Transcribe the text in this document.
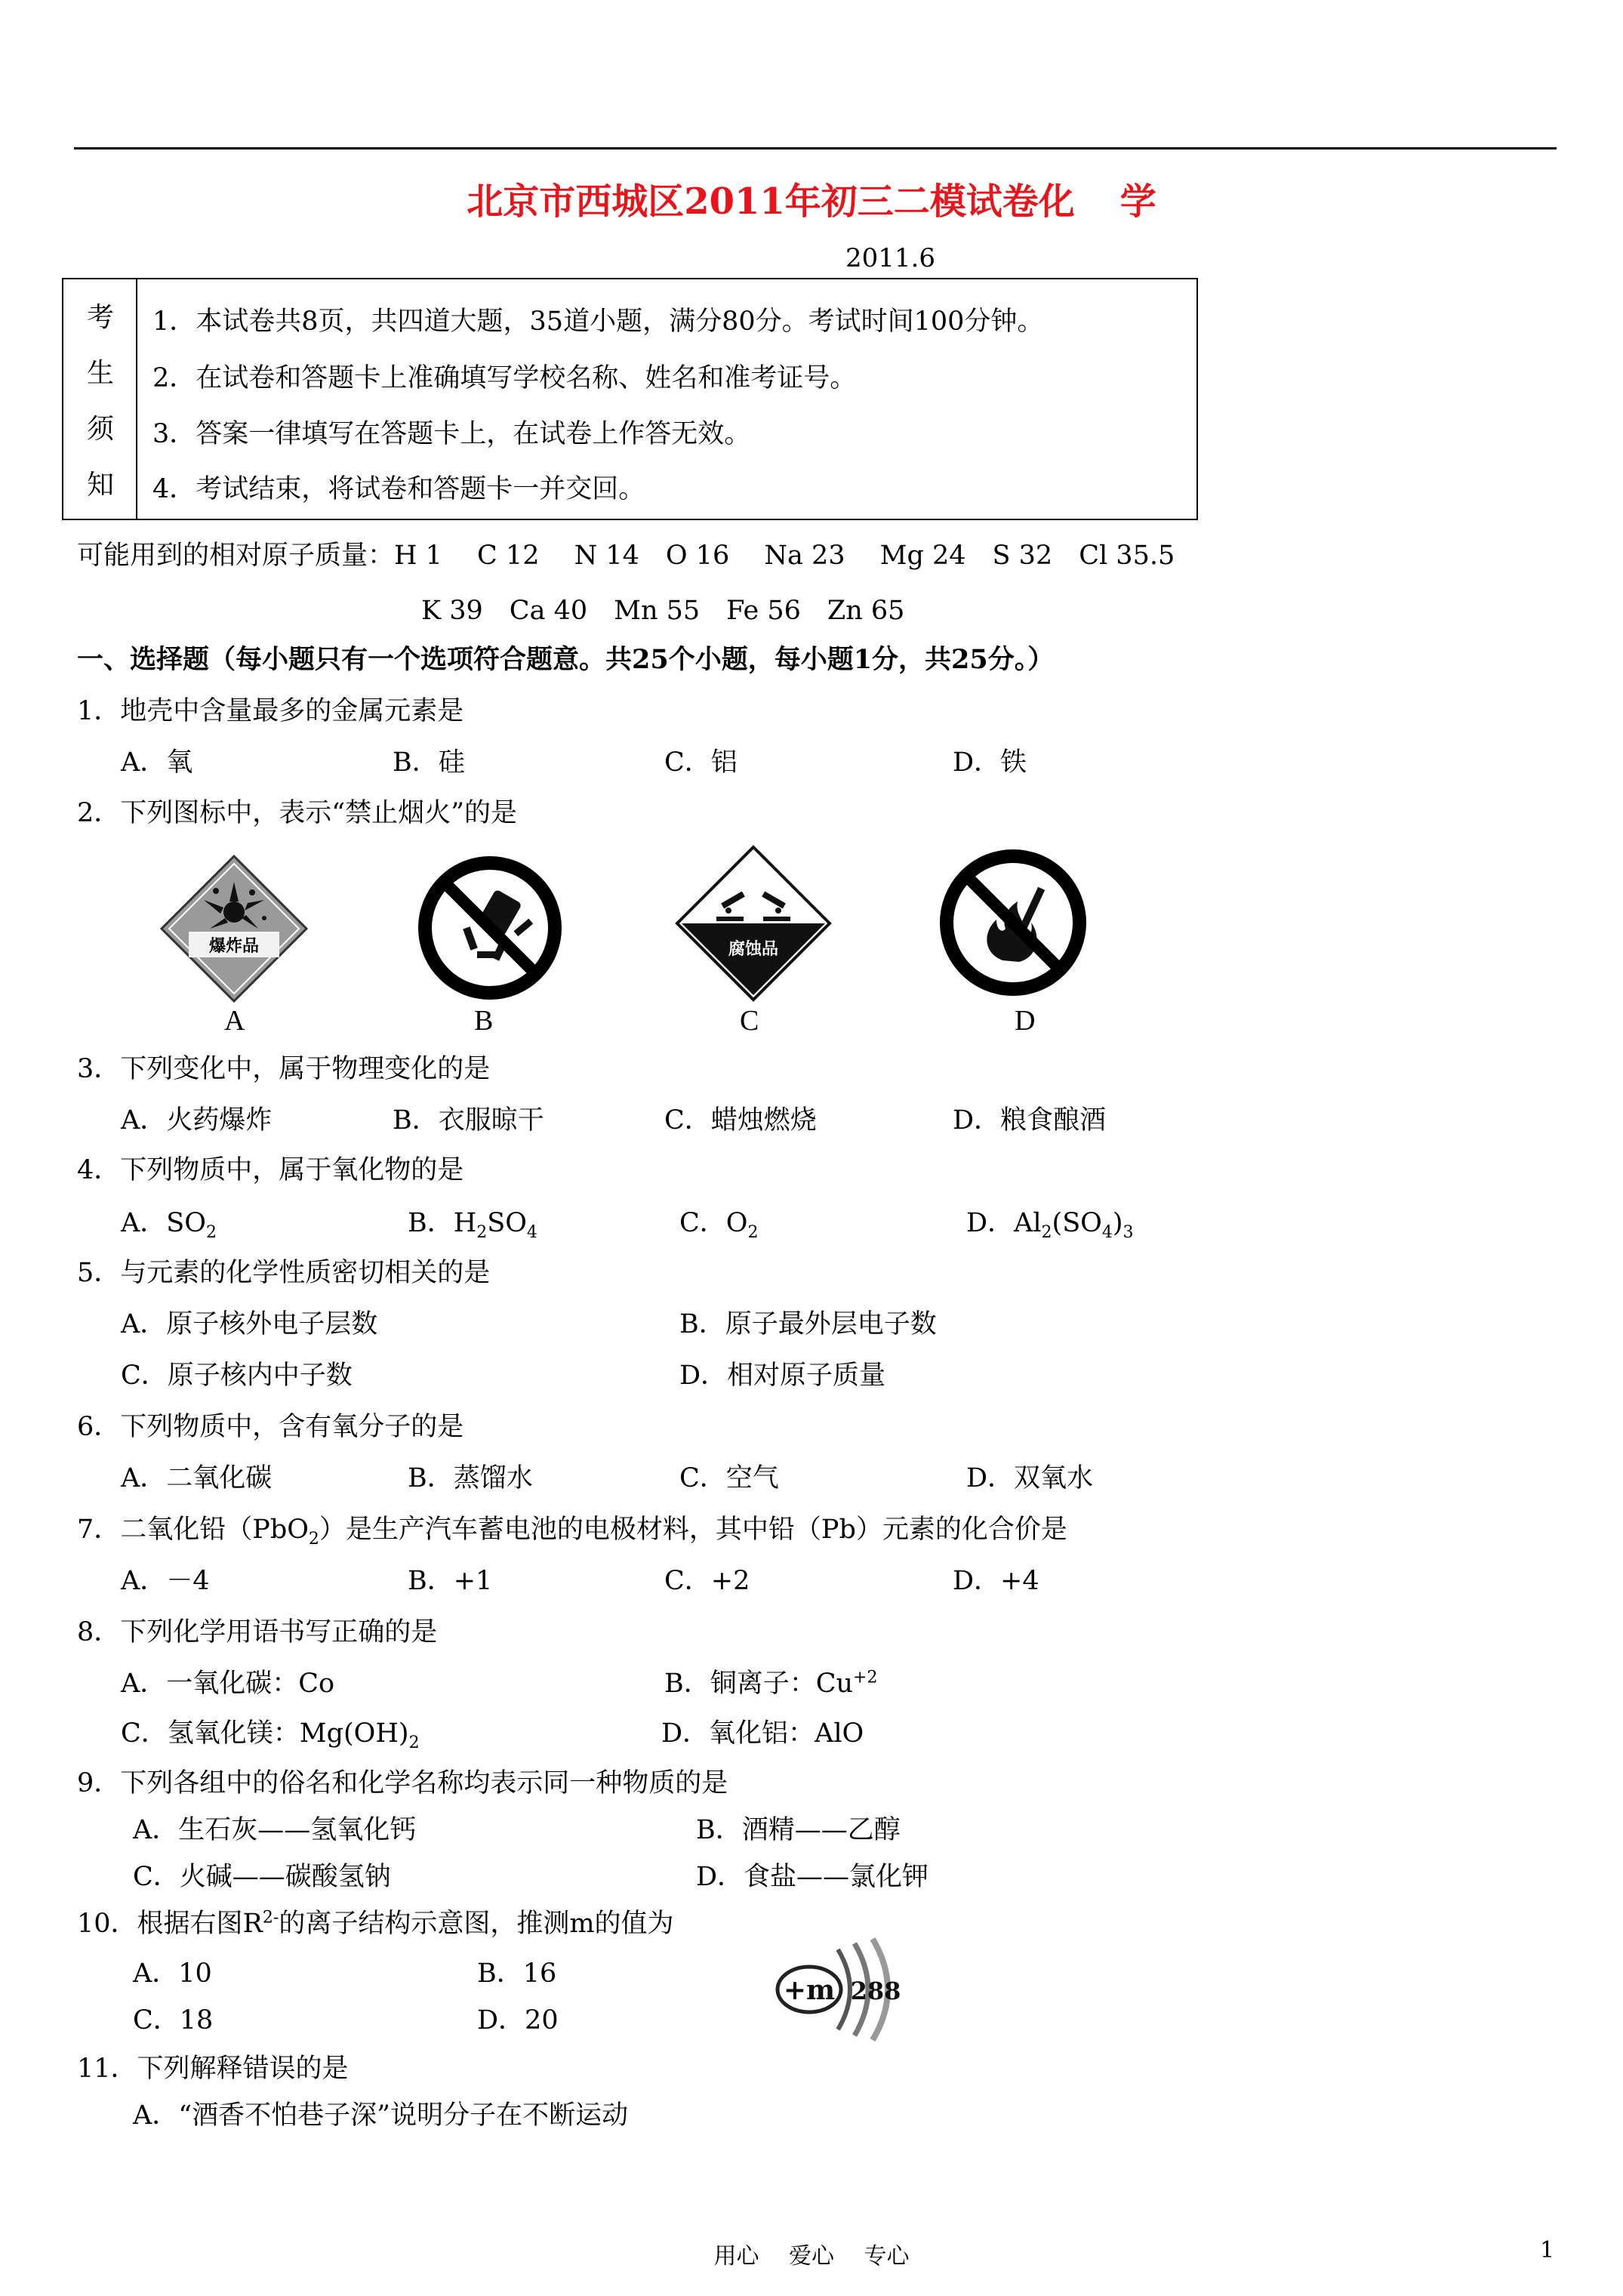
北京市西城区2011年初三二模试卷化 学
2011.6
考
生
须
知
1．本试卷共8页，共四道大题，35道小题，满分80分。考试时间100分钟。
2．在试卷和答题卡上准确填写学校名称、姓名和准考证号。
3．答案一律填写在答题卡上，在试卷上作答无效。
4．考试结束，将试卷和答题卡一并交回。
可能用到的相对原子质量：H 1　 C 12　 N 14　O 16　 Na 23　 Mg 24　S 32　Cl 35.5
K 39　Ca 40　Mn 55　Fe 56　Zn 65
一、选择题（每小题只有一个选项符合题意。共25个小题，每小题1分，共25分。）
1．地壳中含量最多的金属元素是
A．氧	B．硅	C．铝	D．铁
2．下列图标中，表示“禁止烟火”的是
爆炸品	腐蚀品
A	B	C	D
3．下列变化中，属于物理变化的是
A．火药爆炸	B．衣服晾干	C．蜡烛燃烧	D．粮食酿酒
4．下列物质中，属于氧化物的是
A．$SO_2$	B．$H_2SO_4$	C．$O_2$	D．$Al_2(SO_4)_3$
5．与元素的化学性质密切相关的是
A．原子核外电子层数	B．原子最外层电子数
C．原子核内中子数	D．相对原子质量
6．下列物质中，含有氧分子的是
A．二氧化碳	B．蒸馏水	C．空气	D．双氧水
7．二氧化铅（PbO$_2$）是生产汽车蓄电池的电极材料，其中铅（Pb）元素的化合价是
A．－4	B．+1	C．+2	D．+4
8．下列化学用语书写正确的是
A．一氧化碳：Co	B．铜离子：$Cu^{+2}$
C．氢氧化镁：$Mg(OH)_2$	D．氧化铝：AlO
9．下列各组中的俗名和化学名称均表示同一种物质的是
A．生石灰——氢氧化钙	B．酒精——乙醇
C．火碱——碳酸氢钠	D．食盐——氯化钾
10．根据右图$R^{2-}$的离子结构示意图，推测m的值为
A．10	B．16
C．18	D．20
+m 288
11．下列解释错误的是
A．“酒香不怕巷子深”说明分子在不断运动
用心 爱心 专心	1
